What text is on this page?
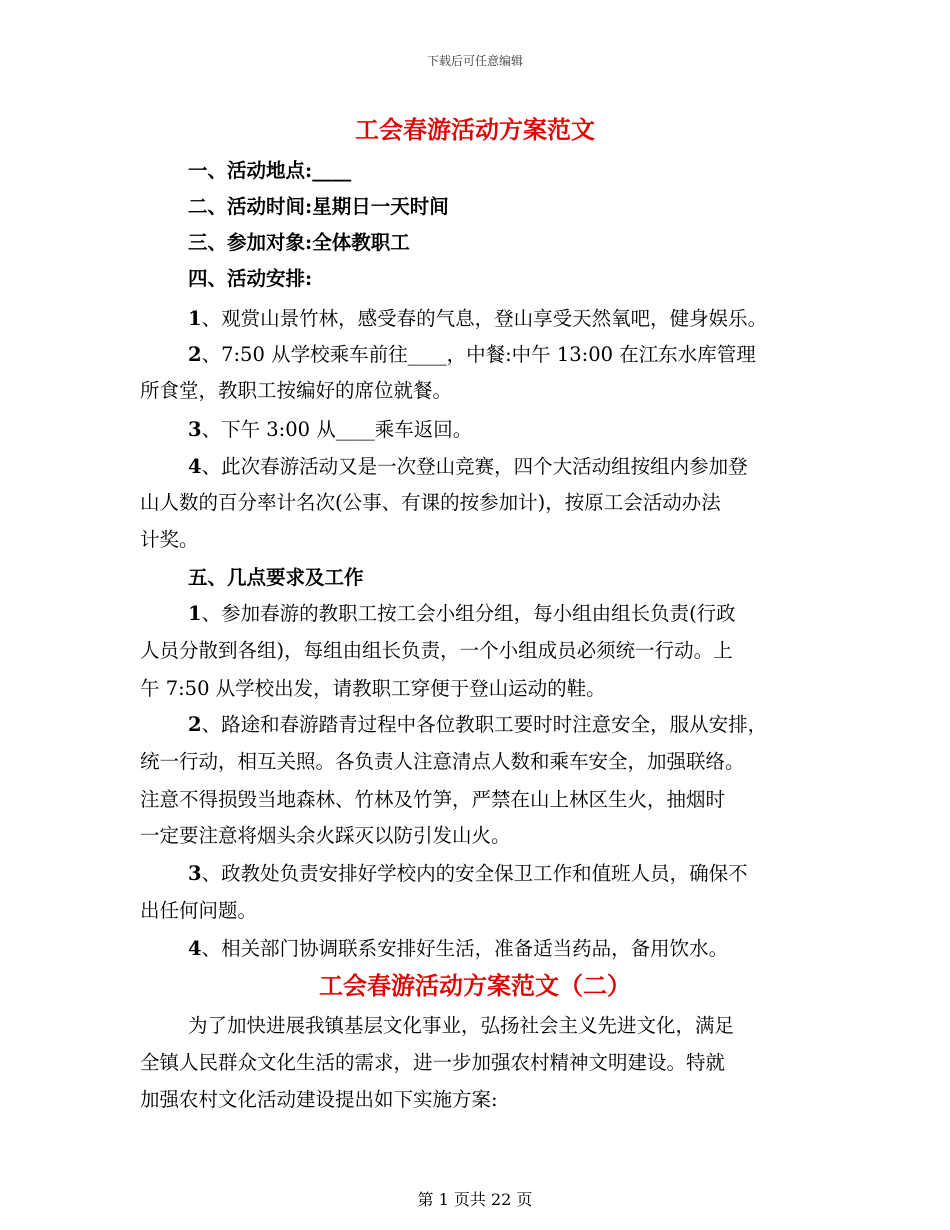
下载后可任意编辑
工会春游活动方案范文

一、活动地点:____

二、活动时间:星期日一天时间

三、参加对象:全体教职工

四、活动安排:

1、观赏山景竹林，感受春的气息，登山享受天然氧吧，健身娱乐。

2、7:50 从学校乘车前往____，中餐:中午 13:00 在江东水库管理

所食堂，教职工按编好的席位就餐。

3、下午 3:00 从____乘车返回。

4、此次春游活动又是一次登山竞赛，四个大活动组按组内参加登

山人数的百分率计名次(公事、有课的按参加计)，按原工会活动办法

计奖。

五、几点要求及工作

1、参加春游的教职工按工会小组分组，每小组由组长负责(行政

人员分散到各组)，每组由组长负责，一个小组成员必须统一行动。上

午 7:50 从学校出发，请教职工穿便于登山运动的鞋。

2、路途和春游踏青过程中各位教职工要时时注意安全，服从安排，

统一行动，相互关照。各负责人注意清点人数和乘车安全，加强联络。

注意不得损毁当地森林、竹林及竹笋，严禁在山上林区生火，抽烟时

一定要注意将烟头余火踩灭以防引发山火。

3、政教处负责安排好学校内的安全保卫工作和值班人员，确保不

出任何问题。

4、相关部门协调联系安排好生活，准备适当药品，备用饮水。

工会春游活动方案范文（二）

为了加快进展我镇基层文化事业，弘扬社会主义先进文化，满足

全镇人民群众文化生活的需求，进一步加强农村精神文明建设。特就

加强农村文化活动建设提出如下实施方案:

第 1 页共 22 页
